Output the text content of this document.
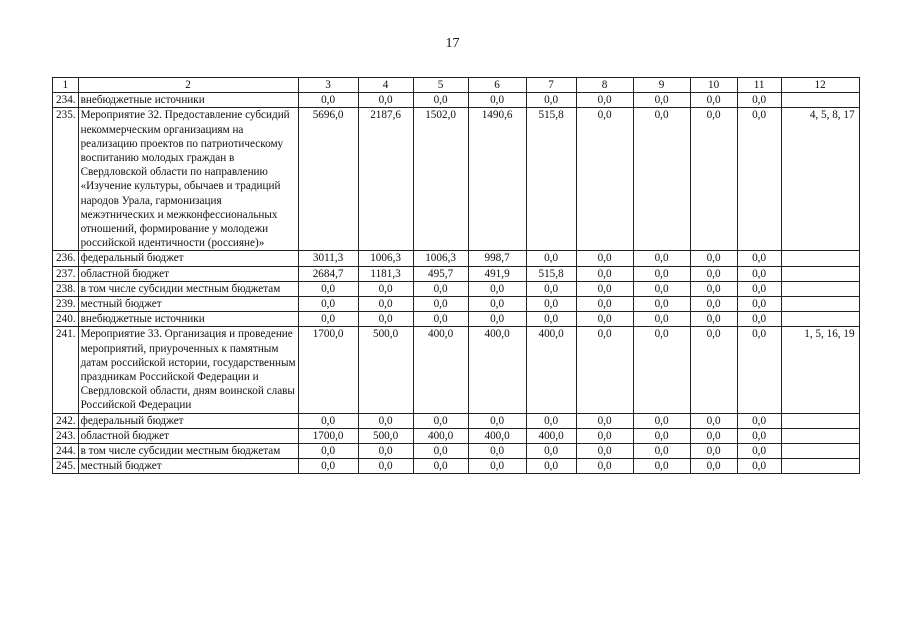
17
1	2	3	4	5	6	7	8	9	10	11	12
234.	внебюджетные источники	0,0	0,0	0,0	0,0	0,0	0,0	0,0	0,0	0,0	
235.	Мероприятие 32. Предоставление субсидий некоммерческим организациям на реализацию проектов по патриотическому воспитанию молодых граждан в Свердловской области по направлению «Изучение культуры, обычаев и традиций народов Урала, гармонизация межэтнических и межконфессиональных отношений, формирование у молодежи российской идентичности (россияне)»	5696,0	2187,6	1502,0	1490,6	515,8	0,0	0,0	0,0	0,0	4, 5, 8, 17
236.	федеральный бюджет	3011,3	1006,3	1006,3	998,7	0,0	0,0	0,0	0,0	0,0	
237.	областной бюджет	2684,7	1181,3	495,7	491,9	515,8	0,0	0,0	0,0	0,0	
238.	в том числе субсидии местным бюджетам	0,0	0,0	0,0	0,0	0,0	0,0	0,0	0,0	0,0	
239.	местный бюджет	0,0	0,0	0,0	0,0	0,0	0,0	0,0	0,0	0,0	
240.	внебюджетные источники	0,0	0,0	0,0	0,0	0,0	0,0	0,0	0,0	0,0	
241.	Мероприятие 33. Организация и проведение мероприятий, приуроченных к памятным датам российской истории, государственным праздникам Российской Федерации и Свердловской области, дням воинской славы Российской Федерации	1700,0	500,0	400,0	400,0	400,0	0,0	0,0	0,0	0,0	1, 5, 16, 19
242.	федеральный бюджет	0,0	0,0	0,0	0,0	0,0	0,0	0,0	0,0	0,0	
243.	областной бюджет	1700,0	500,0	400,0	400,0	400,0	0,0	0,0	0,0	0,0	
244.	в том числе субсидии местным бюджетам	0,0	0,0	0,0	0,0	0,0	0,0	0,0	0,0	0,0	
245.	местный бюджет	0,0	0,0	0,0	0,0	0,0	0,0	0,0	0,0	0,0	
